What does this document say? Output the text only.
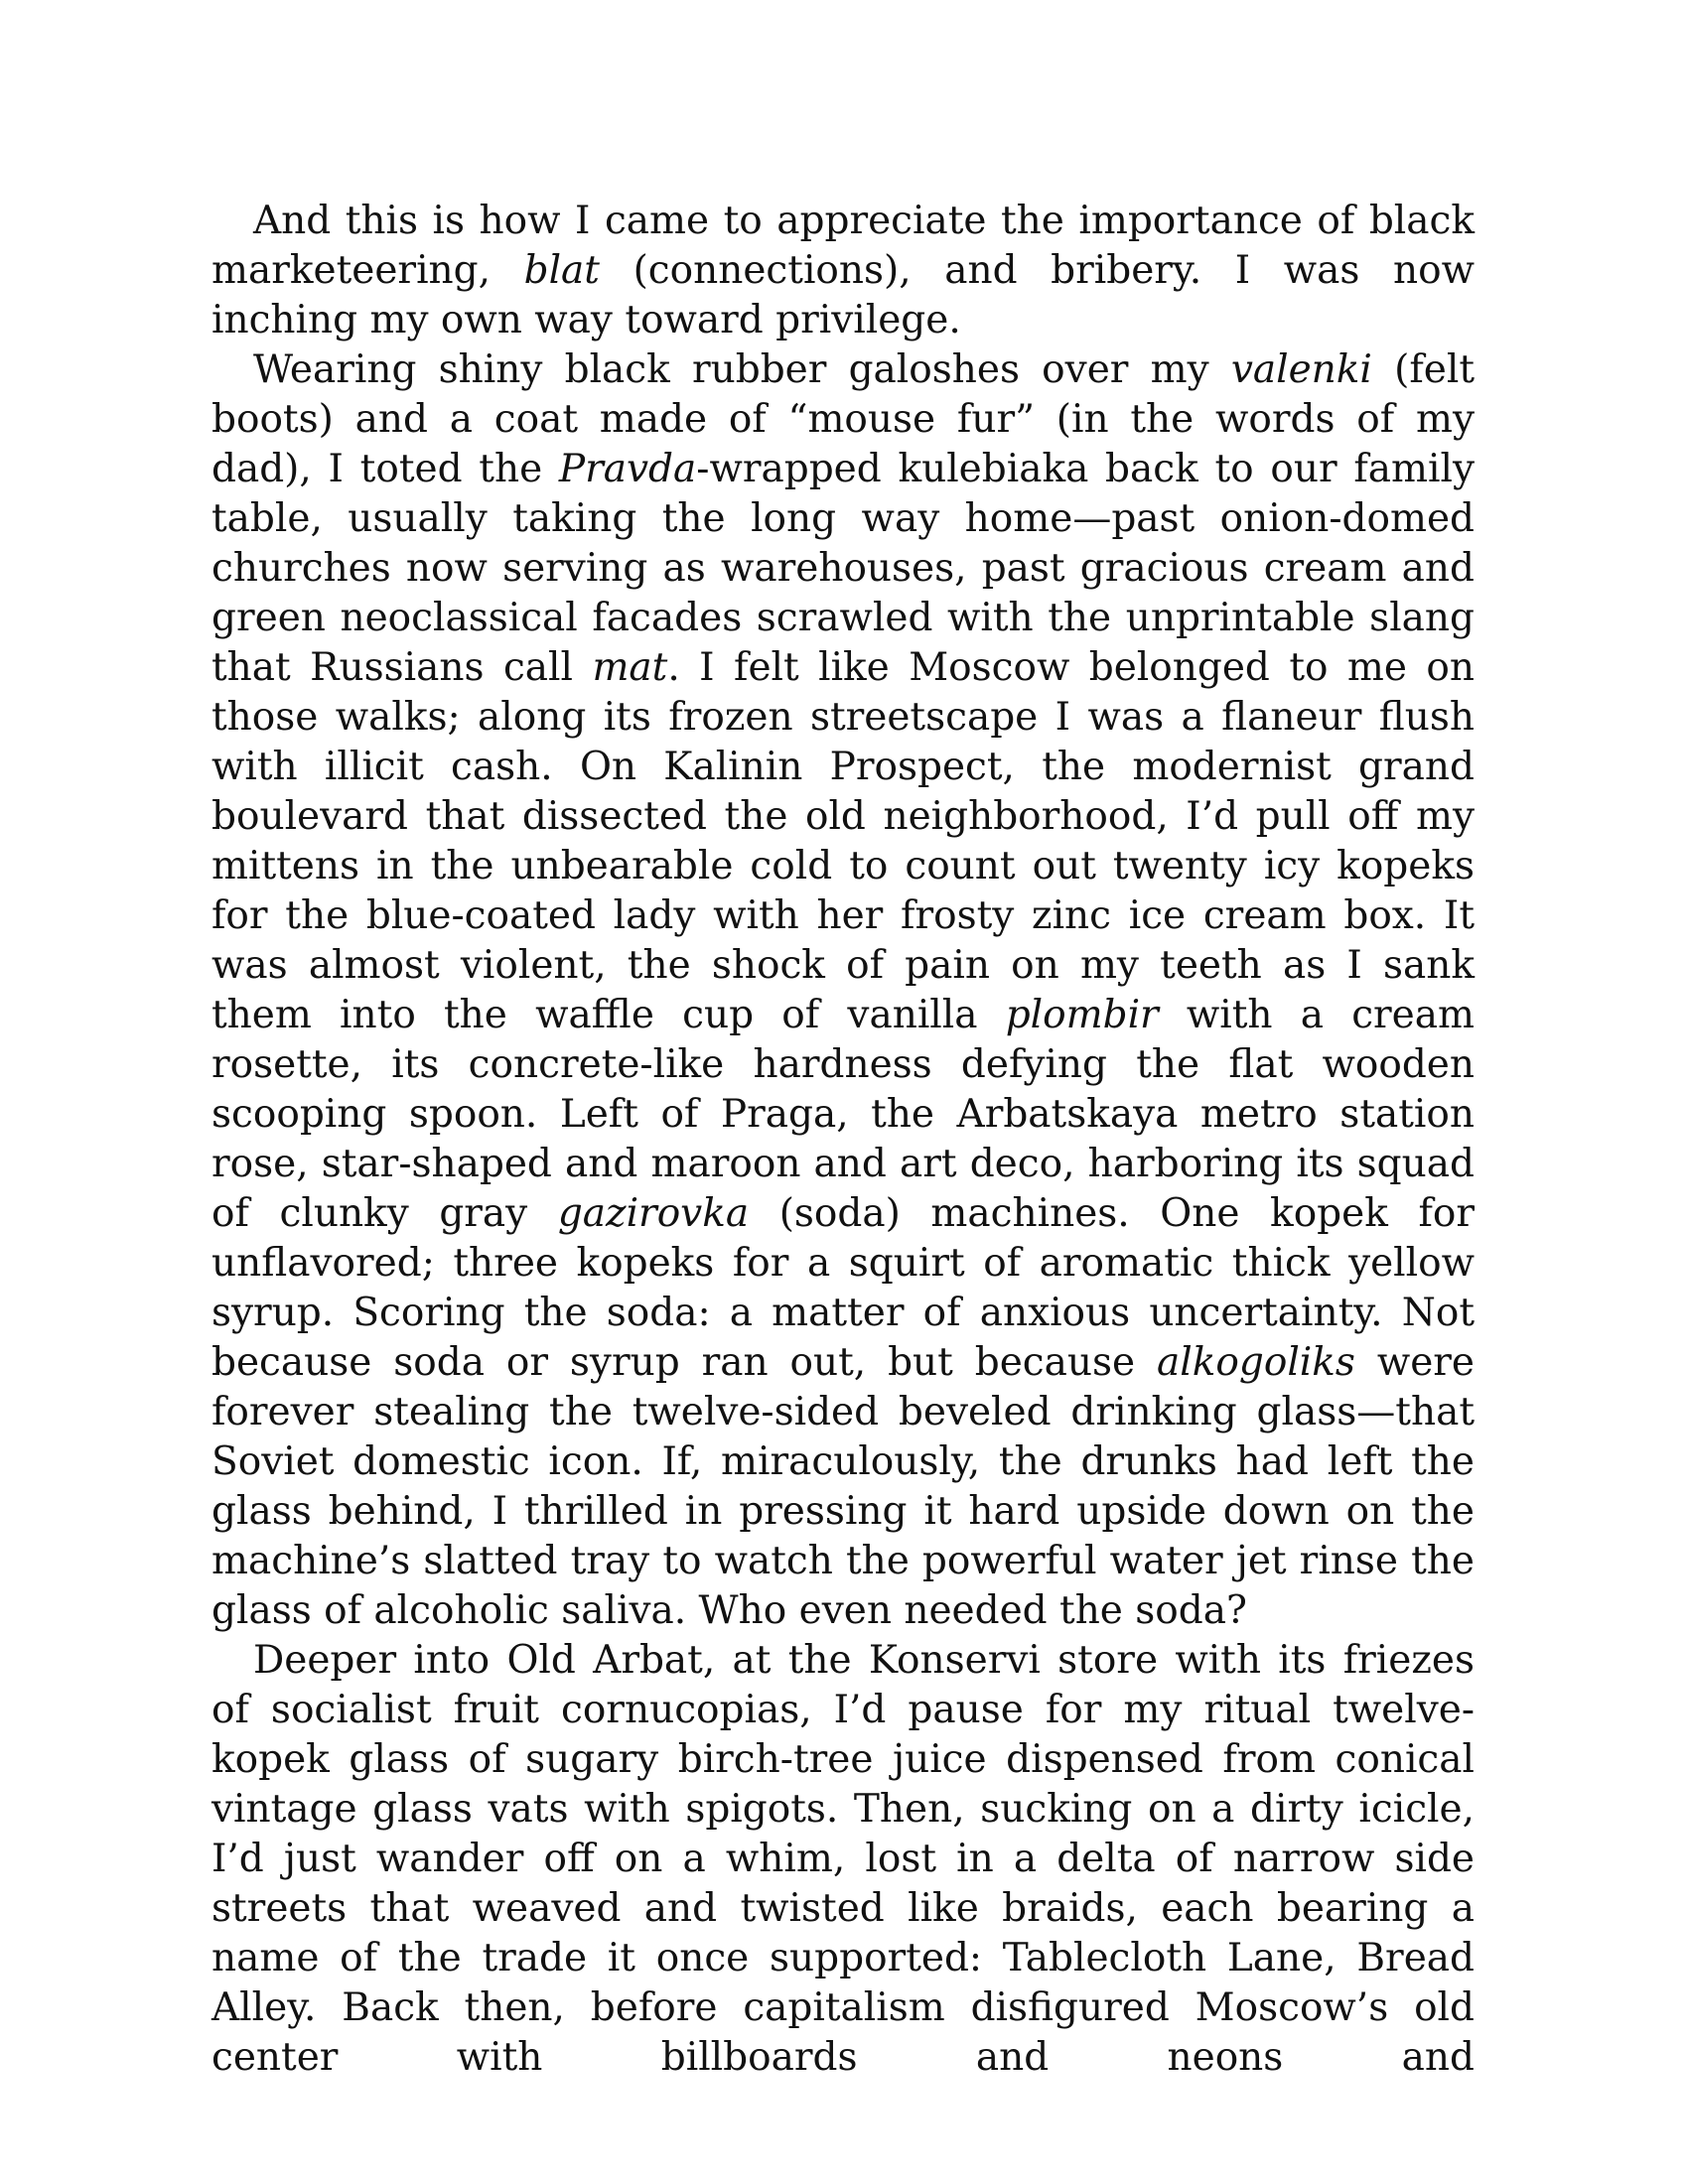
And this is how I came to appreciate the importance of black marketeering, blat (connections), and bribery. I was now inching my own way toward privilege.

Wearing shiny black rubber galoshes over my valenki (felt boots) and a coat made of “mouse fur” (in the words of my dad), I toted the Pravda-wrapped kulebiaka back to our family table, usually taking the long way home—past onion-domed churches now serving as warehouses, past gracious cream and green neoclassical facades scrawled with the unprintable slang that Russians call mat. I felt like Moscow belonged to me on those walks; along its frozen streetscape I was a flaneur flush with illicit cash. On Kalinin Prospect, the modernist grand boulevard that dissected the old neighborhood, I’d pull off my mittens in the unbearable cold to count out twenty icy kopeks for the blue-coated lady with her frosty zinc ice cream box. It was almost violent, the shock of pain on my teeth as I sank them into the waffle cup of vanilla plombir with a cream rosette, its concrete-like hardness defying the flat wooden scooping spoon. Left of Praga, the Arbatskaya metro station rose, star-shaped and maroon and art deco, harboring its squad of clunky gray gazirovka (soda) machines. One kopek for unflavored; three kopeks for a squirt of aromatic thick yellow syrup. Scoring the soda: a matter of anxious uncertainty. Not because soda or syrup ran out, but because alkogoliks were forever stealing the twelve-sided beveled drinking glass—that Soviet domestic icon. If, miraculously, the drunks had left the glass behind, I thrilled in pressing it hard upside down on the machine’s slatted tray to watch the powerful water jet rinse the glass of alcoholic saliva. Who even needed the soda?

Deeper into Old Arbat, at the Konservi store with its friezes of socialist fruit cornucopias, I’d pause for my ritual twelve-kopek glass of sugary birch-tree juice dispensed from conical vintage glass vats with spigots. Then, sucking on a dirty icicle, I’d just wander off on a whim, lost in a delta of narrow side streets that weaved and twisted like braids, each bearing a name of the trade it once supported: Tablecloth Lane, Bread Alley. Back then, before capitalism disfigured Moscow’s old center with billboards and neons and
